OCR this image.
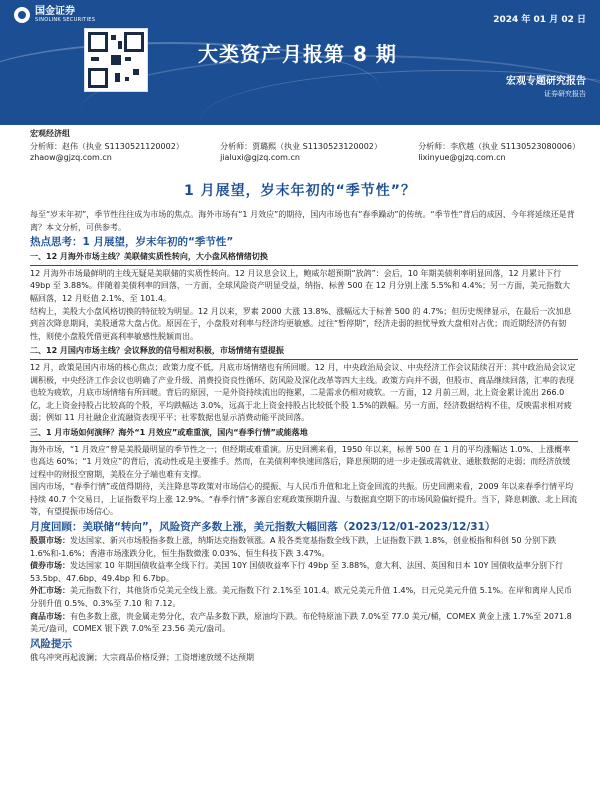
国金证券
SINOLINK SECURITIES	2024 年 01 月 02 日
大类资产月报第 8 期
宏观专题研究报告
证券研究报告
宏观经济组
分析师：赵伟（执业 S1130521120002）
zhaow@gjzq.com.cn
分析师：贾璐熙（执业 S1130523120002）
jialuxi@gjzq.com.cn
分析师：李欣越（执业 S1130523080006）
lixinyue@gjzq.com.cn
1 月展望，岁末年初的“季节性”？

每至“岁末年初”，季节性往往成为市场的焦点。海外市场有“1 月效应”的期待，国内市场也有“春季躁动”的传统。“季节性”背后的成因、今年将延续还是背离？本文分析，可供参考。

热点思考：1 月展望，岁末年初的“季节性”
一、12 月海外市场主线？美联储实质性转向，大小盘风格情绪切换

12 月海外市场最鲜明的主线无疑是美联储的实质性转向。12 月议息会议上，鲍威尔超预期“放鸽”：会后，10 年期美债利率明显回落，12 月累计下行 49bp 至 3.88%。伴随着美债利率的回落，一方面，全球风险资产明显受益，纳指、标普 500 在 12 月分别上涨 5.5%和 4.4%；另一方面，美元指数大幅回落，12 月贬值 2.1%、至 101.4。

结构上，美股大小盘风格切换的特征较为明显。12 月以来，罗素 2000 大涨 13.8%、涨幅远大于标普 500 的 4.7%；但历史规律显示，在最后一次加息到首次降息期间，美股通常大盘占优。原因在于，小盘股对利率与经济均更敏感。过往“暂停期”，经济走弱的担忧导致大盘相对占优；而近期经济仍有韧性，则使小盘股凭借更高利率敏感性脱颖而出。

二、12 月国内市场主线？会议释放的信号相对积极，市场情绪有望提振

12 月，政策是国内市场的核心焦点；政策力度不低，月底市场情绪也有所回暖。12 月，中央政治局会议、中央经济工作会议陆续召开：其中政治局会议定调积极，中央经济工作会议也明确了产业升级、消费投资良性循环、防风险及深化改革等四大主线。政策方向并不弱，但股市、商品继续回落，汇率的表现也较为疲软，月底市场情绪有所回暖。背后的原因，一是外资持续流出的拖累，二是需求仍相对疲软。一方面，12 月前三周，北上资金累计流出 266.0 亿，北上资金持股占比较高的个股，平均跌幅达 3.0%，远高于北上资金持股占比较低个股 1.5%的跌幅。另一方面，经济数据结构不佳，反映需求相对疲弱；例如 11 月社融企业流融资表现平平；社零数据也显示消费动能平淡回落。

三、1 月市场如何演绎？海外“1 月效应”或难重演，国内“春季行情”或能落地

海外市场，“1 月效应”曾是美股最明显的季节性之一；但经期或难重演。历史回溯来看，1950 年以来，标普 500 在 1 月的平均涨幅达 1.0%、上涨概率也高达 60%；“1 月效应”的背后，流动性或是主要推手。然而，在美债利率快速回落后，降息预期的进一步走强或需就业、通胀数据的走弱；而经济放缓过程中的财报空窗期，美股在分子端也难有支撑。

国内市场，“春季行情”或值得期待，关注降息等政策对市场信心的提振、与人民币升值和北上资金回流的共振。历史回溯来看，2009 年以来春季行情平均持续 40.7 个交易日，上证指数平均上涨 12.9%。“春季行情”多源自宏观政策预期升温、与数据真空期下的市场风险偏好提升。当下，降息刺激、北上回流等，有望提振市场信心。

月度回顾：美联储“转向”，风险资产多数上涨，美元指数大幅回落（2023/12/01-2023/12/31）

股票市场：发达国家、新兴市场股指多数上涨，纳斯达克指数领涨。A 股各类宽基指数全线下跌，上证指数下跌 1.8%，创业板指和科创 50 分别下跌 1.6%和-1.6%；香港市场涨跌分化，恒生指数微涨 0.03%、恒生科技下跌 3.47%。

债券市场：发达国家 10 年期国债收益率全线下行。美国 10Y 国债收益率下行 49bp 至 3.88%，意大利、法国、英国和日本 10Y 国债收益率分别下行 53.5bp、47.6bp、49.4bp 和 6.7bp。

外汇市场：美元指数下行，其他货币兑美元全线上涨。美元指数下行 2.1%至 101.4。欧元兑美元升值 1.4%，日元兑美元升值 5.1%。在岸和离岸人民币分别升值 0.5%、0.3%至 7.10 和 7.12。

商品市场：有色多数上涨，贵金属走势分化，农产品多数下跌，原油均下跌。布伦特原油下跌 7.0%至 77.0 美元/桶，COMEX 黄金上涨 1.7%至 2071.8 美元/盎司，COMEX 银下跌 7.0%至 23.56 美元/盎司。

风险提示

俄乌冲突再起波澜；大宗商品价格反弹；工资增速放缓不达预期
